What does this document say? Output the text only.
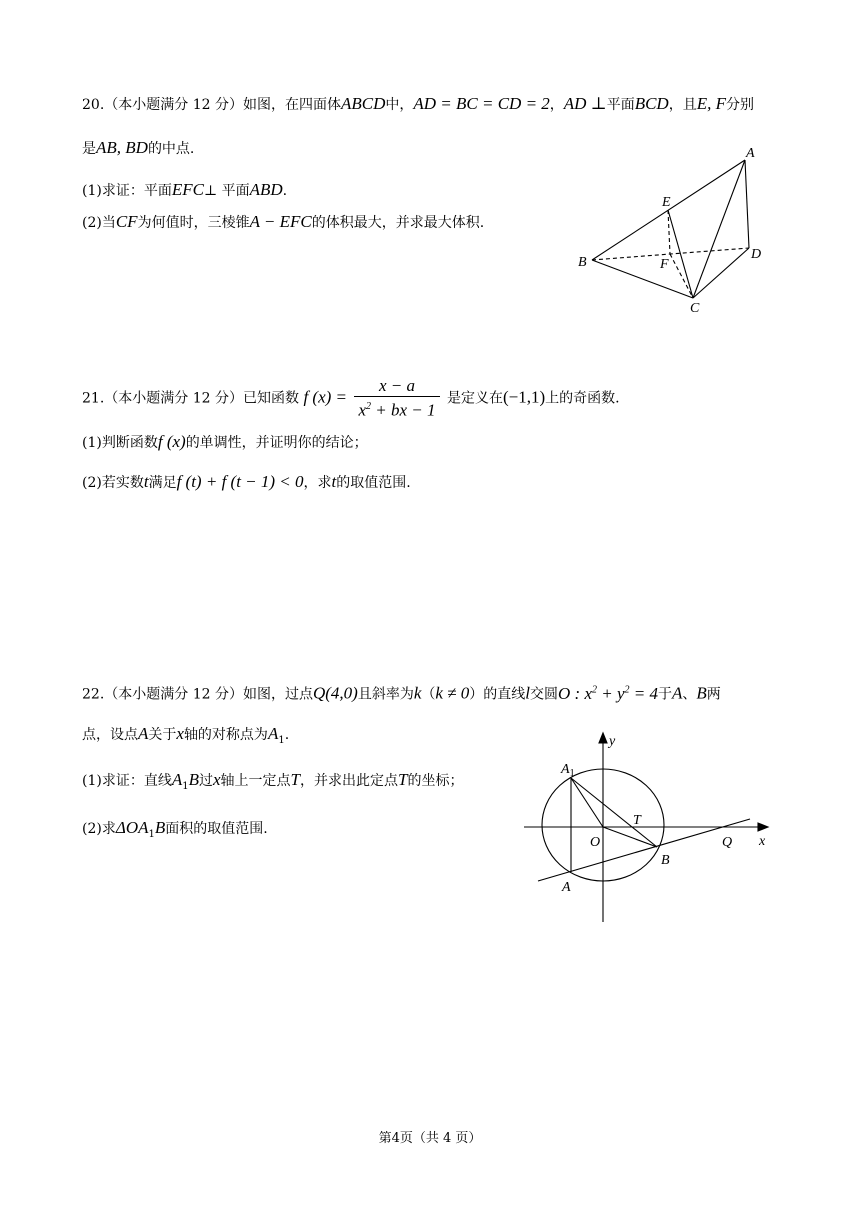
20.（本小题满分 12 分）如图，在四面体ABCD中，AD = BC = CD = 2，AD ⊥平面BCD，且E, F分别
是AB, BD的中点.
(1)求证：平面EFC⊥ 平面ABD.
(2)当CF为何值时，三棱锥A − EFC的体积最大，并求最大体积.
A
B
C
D
E
F
21.（本小题满分 12 分）已知函数 f $(x) = \frac{x - a}{x^2 + bx - 1}$ 是定义在(−1,1)上的奇函数.
(1)判断函数f (x)的单调性，并证明你的结论；
(2)若实数t满足f (t) + f (t − 1) < 0，求t的取值范围.
22.（本小题满分 12 分）如图，过点Q(4,0)且斜率为k（k ≠ 0）的直线l交圆O : $x^2 + y^2 = 4$于A、B两
点，设点A关于x轴的对称点为$A_1$.
(1)求证：直线$A_1B$过x轴上一定点T，并求出此定点T的坐标；
(2)求$\Delta OA_1B$面积的取值范围.
y
x
$A_1$
O
T
Q
B
A
第4页（共 4 页）
